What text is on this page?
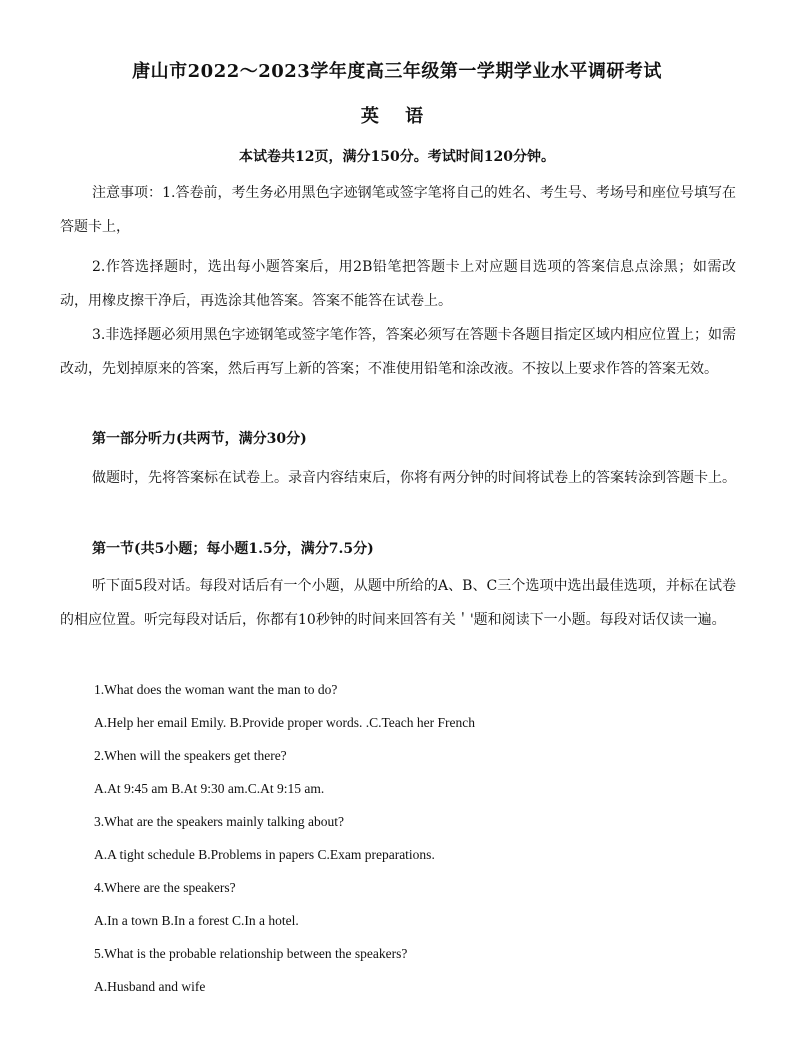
唐山市2022～2023学年度高三年级第一学期学业水平调研考试
英 语
本试卷共12页，满分150分。考试时间120分钟。

注意事项：1.答卷前，考生务必用黑色字迹钢笔或签字笔将自己的姓名、考生号、考场号和座位号填写在答题卡上，

2.作答选择题时，选出每小题答案后，用2B铅笔把答题卡上对应题目选项的答案信息点涂黑；如需改动，用橡皮擦干净后，再选涂其他答案。答案不能答在试卷上。

3.非选择题必须用黑色字迹钢笔或签字笔作答，答案必须写在答题卡各题目指定区域内相应位置上；如需改动，先划掉原来的答案，然后再写上新的答案；不准使用铅笔和涂改液。不按以上要求作答的答案无效。

第一部分听力(共两节，满分30分)

做题时，先将答案标在试卷上。录音内容结束后，你将有两分钟的时间将试卷上的答案转涂到答题卡上。

第一节(共5小题；每小题1.5分，满分7.5分)

听下面5段对话。每段对话后有一个小题，从题中所给的A、B、C三个选项中选出最佳选项，并标在试卷的相应位置。听完每段对话后，你都有10秒钟的时间来回答有关＇'题和阅读下一小题。每段对话仅读一遍。

1.What does the woman want the man to do?

A.Help her email Emily. B.Provide proper words. .C.Teach her French

2.When will the speakers get there?

A.At 9:45 am B.At 9:30 am.C.At 9:15 am.

3.What are the speakers mainly talking about?

A.A tight schedule B.Problems in papers C.Exam preparations.

4.Where are the speakers?

A.In a town B.In a forest C.In a hotel.

5.What is the probable relationship between the speakers?

A.Husband and wife
